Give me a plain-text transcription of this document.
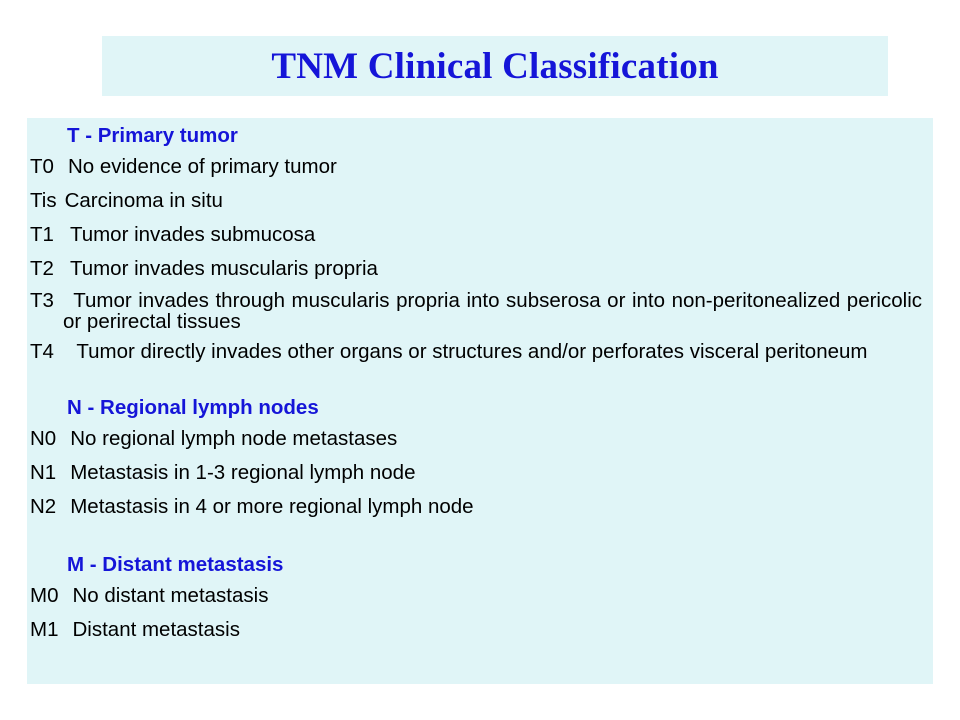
TNM Clinical Classification
T - Primary tumor
T0 No evidence of primary tumor
Tis Carcinoma in situ
T1 Tumor invades submucosa
T2 Tumor invades muscularis propria
T3 Tumor invades through muscularis propria into subserosa or into non-peritonealized pericolic or perirectal tissues
T4 Tumor directly invades other organs or structures and/or perforates visceral peritoneum
N - Regional lymph nodes
N0 No regional lymph node metastases
N1 Metastasis in 1-3 regional lymph node
N2 Metastasis in 4 or more regional lymph node
M - Distant metastasis
M0 No distant metastasis
M1 Distant metastasis
